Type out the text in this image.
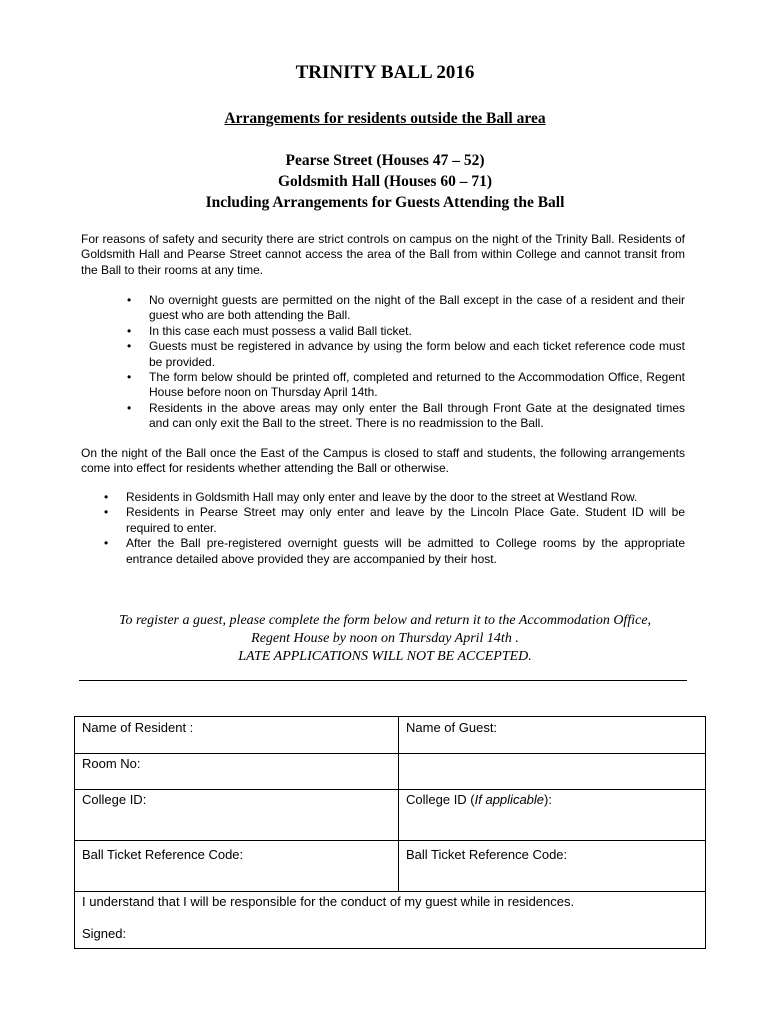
TRINITY BALL 2016
Arrangements for residents outside the Ball area
Pearse Street (Houses 47 – 52)
Goldsmith Hall (Houses 60 – 71)
Including Arrangements for Guests Attending the Ball

For reasons of safety and security there are strict controls on campus on the night of the Trinity Ball. Residents of Goldsmith Hall and Pearse Street cannot access the area of the Ball from within College and cannot transit from the Ball to their rooms at any time.

• No overnight guests are permitted on the night of the Ball except in the case of a resident and their guest who are both attending the Ball.
• In this case each must possess a valid Ball ticket.
• Guests must be registered in advance by using the form below and each ticket reference code must be provided.
• The form below should be printed off, completed and returned to the Accommodation Office, Regent House before noon on Thursday April 14th.
• Residents in the above areas may only enter the Ball through Front Gate at the designated times and can only exit the Ball to the street. There is no readmission to the Ball.

On the night of the Ball once the East of the Campus is closed to staff and students, the following arrangements come into effect for residents whether attending the Ball or otherwise.

• Residents in Goldsmith Hall may only enter and leave by the door to the street at Westland Row.
• Residents in Pearse Street may only enter and leave by the Lincoln Place Gate. Student ID will be required to enter.
• After the Ball pre-registered overnight guests will be admitted to College rooms by the appropriate entrance detailed above provided they are accompanied by their host.
To register a guest, please complete the form below and return it to the Accommodation Office,
Regent House by noon on Thursday April 14th .
LATE APPLICATIONS WILL NOT BE ACCEPTED.
Name of Resident :	Name of Guest:
Room No:	
College ID:	College ID (If applicable):
Ball Ticket Reference Code:	Ball Ticket Reference Code:
I understand that I will be responsible for the conduct of my guest while in residences.
Signed:	
